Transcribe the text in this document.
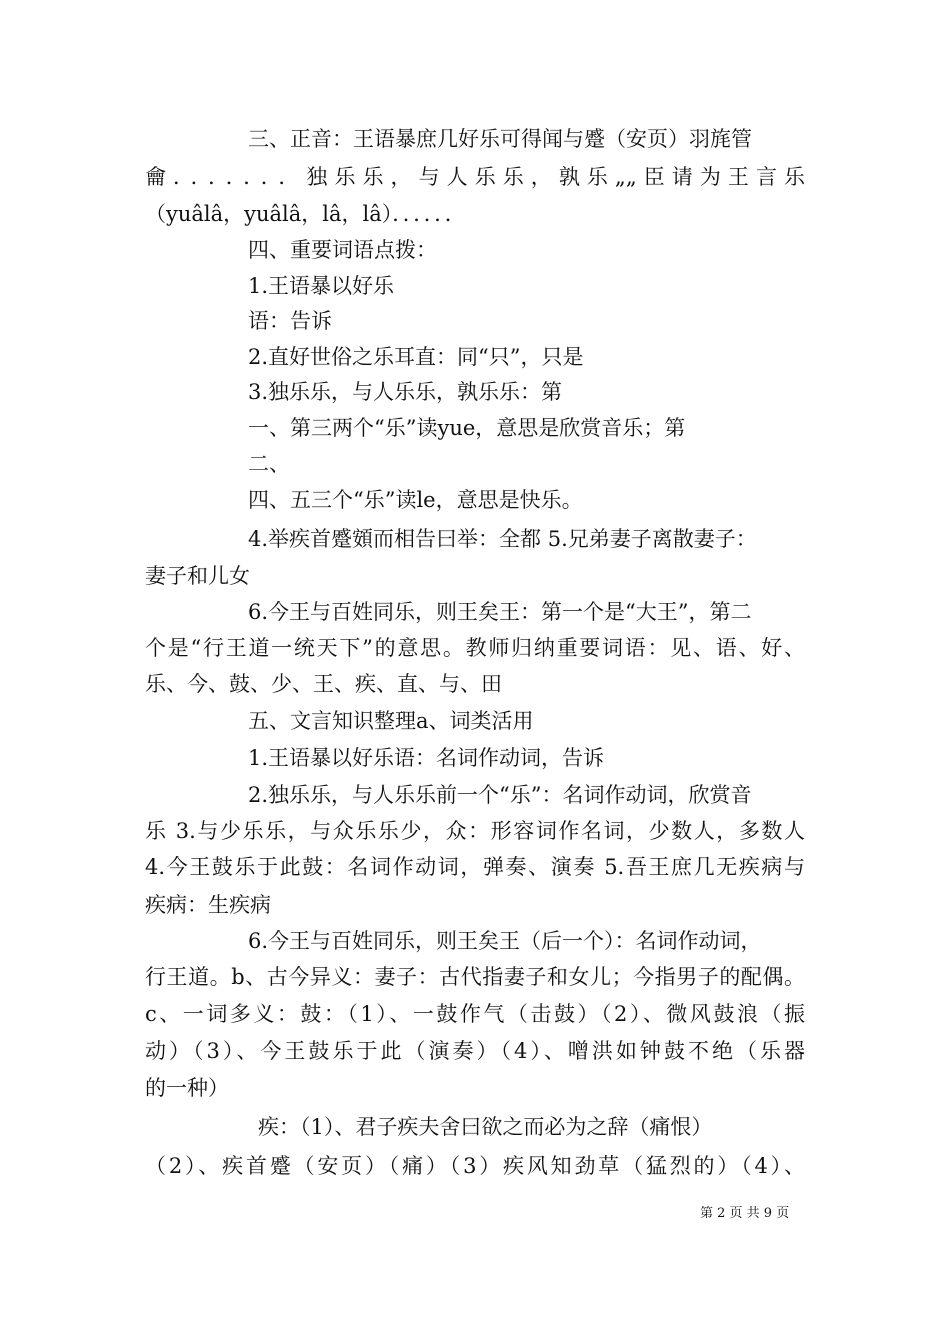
三、正音：王语暴庶几好乐可得闻与蹙（安页）羽旄管
龠．．．．．．．独乐乐，与人乐乐，孰乐„„臣请为王言乐
（yuâlâ，yuâlâ，lâ，lâ）．．．．．．
四、重要词语点拨：
1.王语暴以好乐
语：告诉
2.直好世俗之乐耳直：同“只”，只是
3.独乐乐，与人乐乐，孰乐乐：第
一、第三两个“乐”读yue，意思是欣赏音乐；第
二、
四、五三个“乐”读le，意思是快乐。
4.举疾首蹙頞而相告曰举：全都 5.兄弟妻子离散妻子：
妻子和儿女
6.今王与百姓同乐，则王矣王：第一个是“大王”，第二
个是“行王道一统天下”的意思。教师归纳重要词语：见、语、好、
乐、今、鼓、少、王、疾、直、与、田
五、文言知识整理a、词类活用
1.王语暴以好乐语：名词作动词，告诉
2.独乐乐，与人乐乐前一个“乐”：名词作动词，欣赏音
乐 3.与少乐乐，与众乐乐少，众：形容词作名词，少数人，多数人
4.今王鼓乐于此鼓：名词作动词，弹奏、演奏 5.吾王庶几无疾病与
疾病：生疾病
6.今王与百姓同乐，则王矣王（后一个）：名词作动词，
行王道。b、古今异义：妻子：古代指妻子和女儿；今指男子的配偶。
c、一词多义：鼓：（1）、一鼓作气（击鼓）（2）、微风鼓浪（振
动）（3）、今王鼓乐于此（演奏）（4）、噌洪如钟鼓不绝（乐器
的一种）
疾：（1）、君子疾夫舍曰欲之而必为之辞（痛恨）
（2）、疾首蹙（安页）（痛）（3）疾风知劲草（猛烈的）（4）、
第 2 页 共 9 页
